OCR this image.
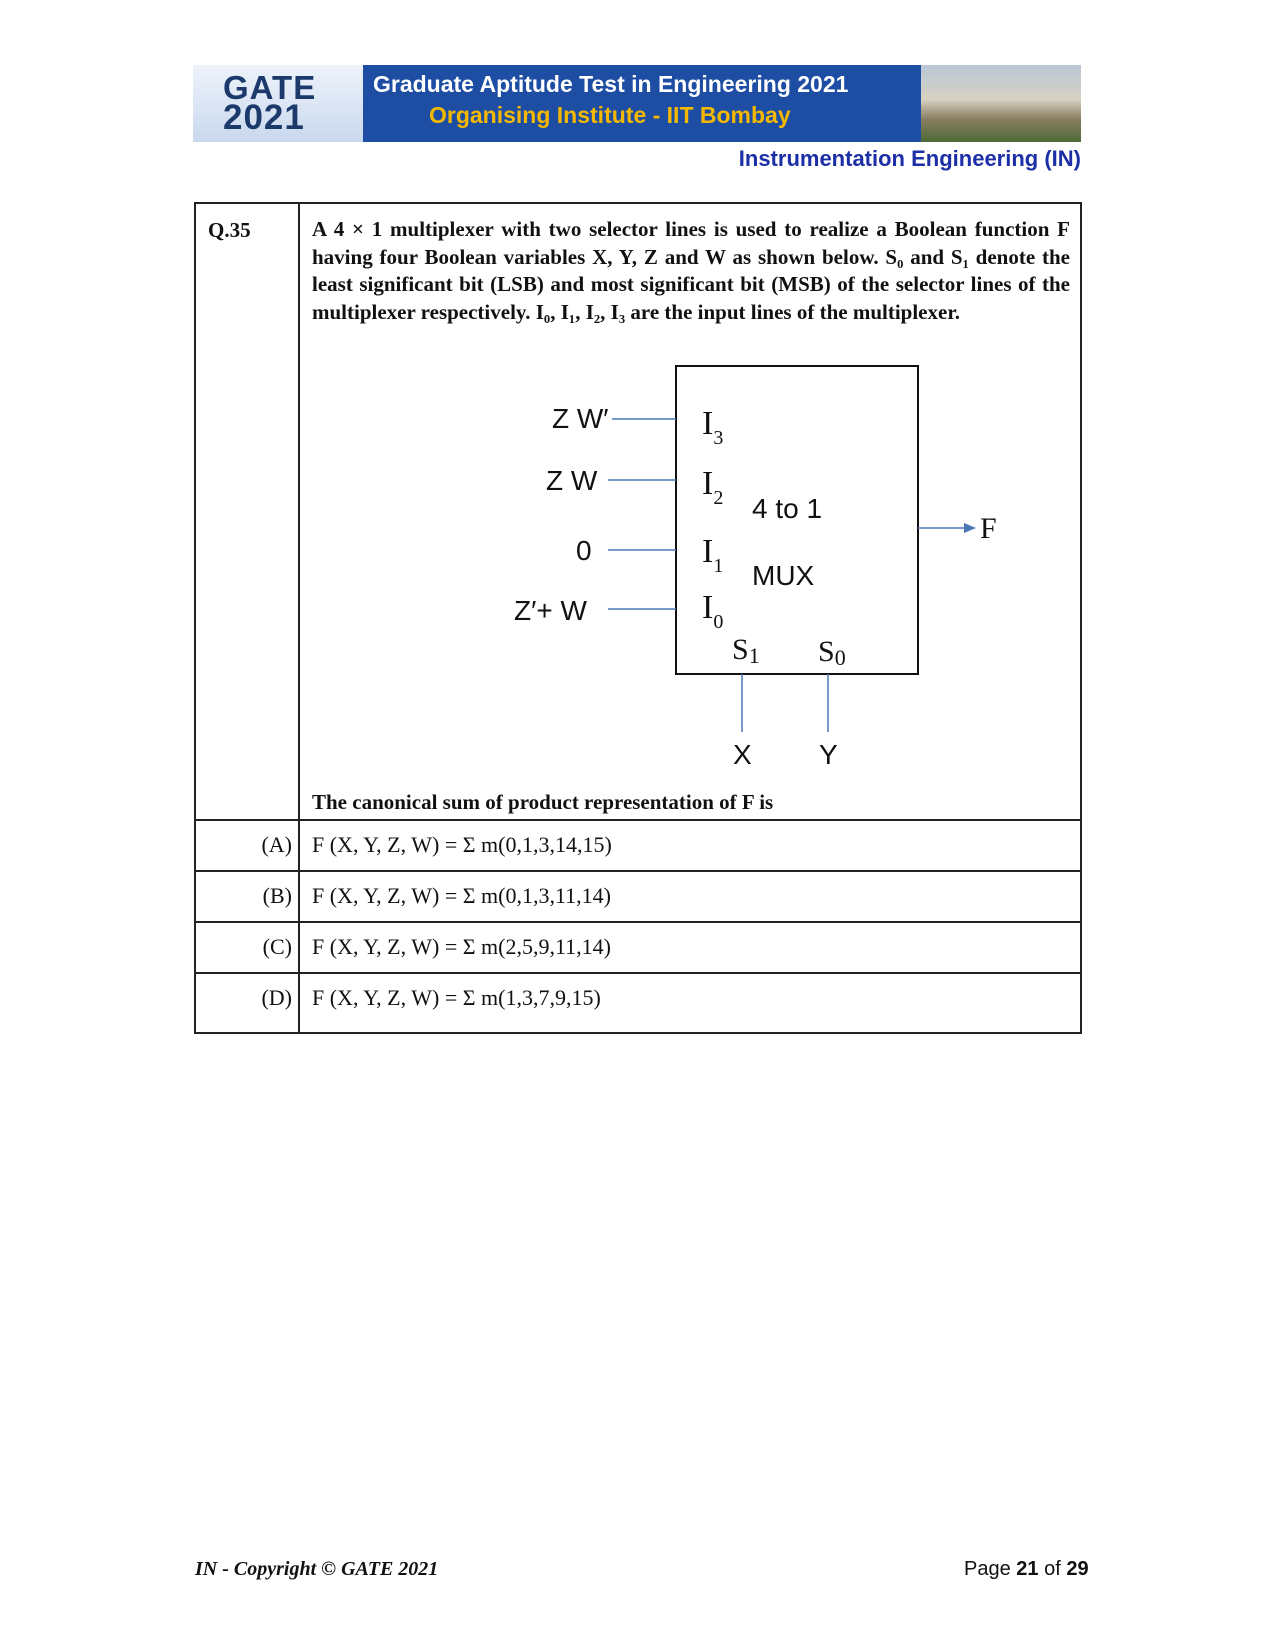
GATE
2021
Graduate Aptitude Test in Engineering 2021
Organising Institute - IIT Bombay
Instrumentation Engineering (IN)
Q.35	A 4 × 1 multiplexer with two selector lines is used to realize a Boolean function F having four Boolean variables X, Y, Z and W as shown below. S₀ and S₁ denote the least significant bit (LSB) and most significant bit (MSB) of the selector lines of the multiplexer respectively. I₀, I₁, I₂, I₃ are the input lines of the multiplexer.
Z W′
Z W
0
Z′+ W
$I_3$
$I_2$
$I_1$
$I_0$
4 to 1
MUX
F
S1 S0
X Y
The canonical sum of product representation of F is
(A) F (X, Y, Z, W) = Σ m(0,1,3,14,15)
(B) F (X, Y, Z, W) = Σ m(0,1,3,11,14)
(C) F (X, Y, Z, W) = Σ m(2,5,9,11,14)
(D) F (X, Y, Z, W) = Σ m(1,3,7,9,15)
IN - Copyright © GATE 2021	Page 21 of 29
